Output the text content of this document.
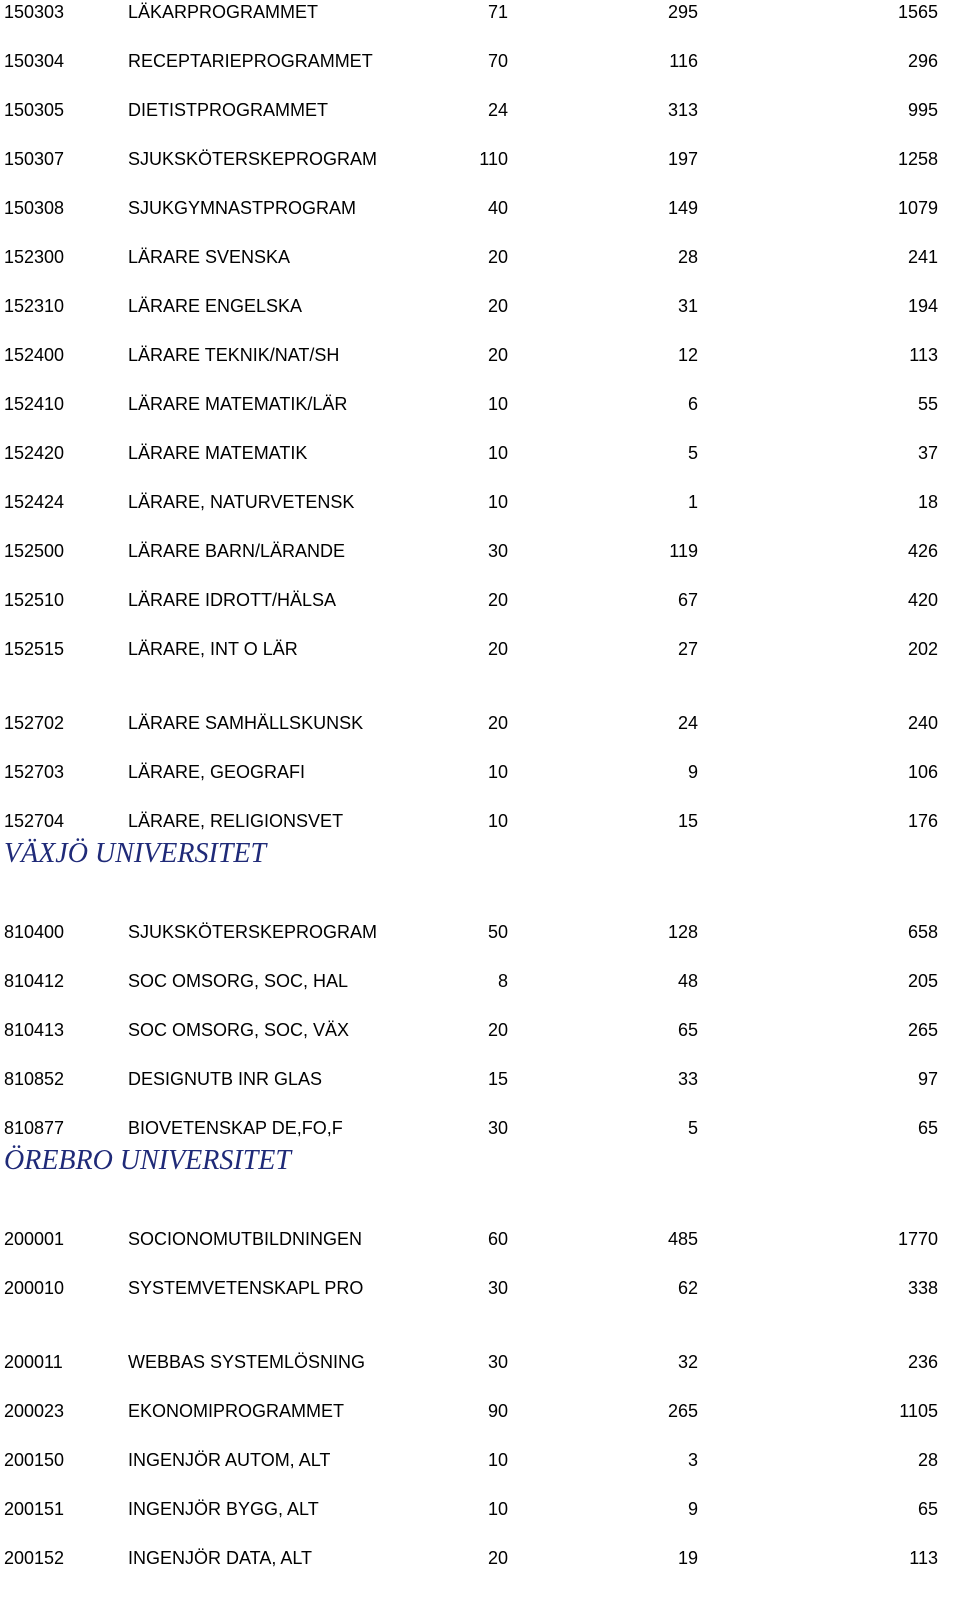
150303	LÄKARPROGRAMMET	71	295	1565
150304	RECEPTARIEPROGRAMMET	70	116	296
150305	DIETISTPROGRAMMET	24	313	995
150307	SJUKSKÖTERSKEPROGRAM	110	197	1258
150308	SJUKGYMNASTPROGRAM	40	149	1079
152300	LÄRARE SVENSKA	20	28	241
152310	LÄRARE ENGELSKA	20	31	194
152400	LÄRARE TEKNIK/NAT/SH	20	12	113
152410	LÄRARE MATEMATIK/LÄR	10	6	55
152420	LÄRARE MATEMATIK	10	5	37
152424	LÄRARE, NATURVETENSK	10	1	18
152500	LÄRARE BARN/LÄRANDE	30	119	426
152510	LÄRARE IDROTT/HÄLSA	20	67	420
152515	LÄRARE, INT O LÄR	20	27	202
152702	LÄRARE SAMHÄLLSKUNSK	20	24	240
152703	LÄRARE, GEOGRAFI	10	9	106
152704	LÄRARE, RELIGIONSVET	10	15	176
VÄXJÖ UNIVERSITET
810400	SJUKSKÖTERSKEPROGRAM	50	128	658
810412	SOC OMSORG, SOC, HAL	8	48	205
810413	SOC OMSORG, SOC, VÄX	20	65	265
810852	DESIGNUTB INR GLAS	15	33	97
810877	BIOVETENSKAP DE,FO,F	30	5	65
ÖREBRO UNIVERSITET
200001	SOCIONOMUTBILDNINGEN	60	485	1770
200010	SYSTEMVETENSKAPL PRO	30	62	338
200011	WEBBAS SYSTEMLÖSNING	30	32	236
200023	EKONOMIPROGRAMMET	90	265	1105
200150	INGENJÖR AUTOM, ALT	10	3	28
200151	INGENJÖR BYGG, ALT	10	9	65
200152	INGENJÖR DATA, ALT	20	19	113
